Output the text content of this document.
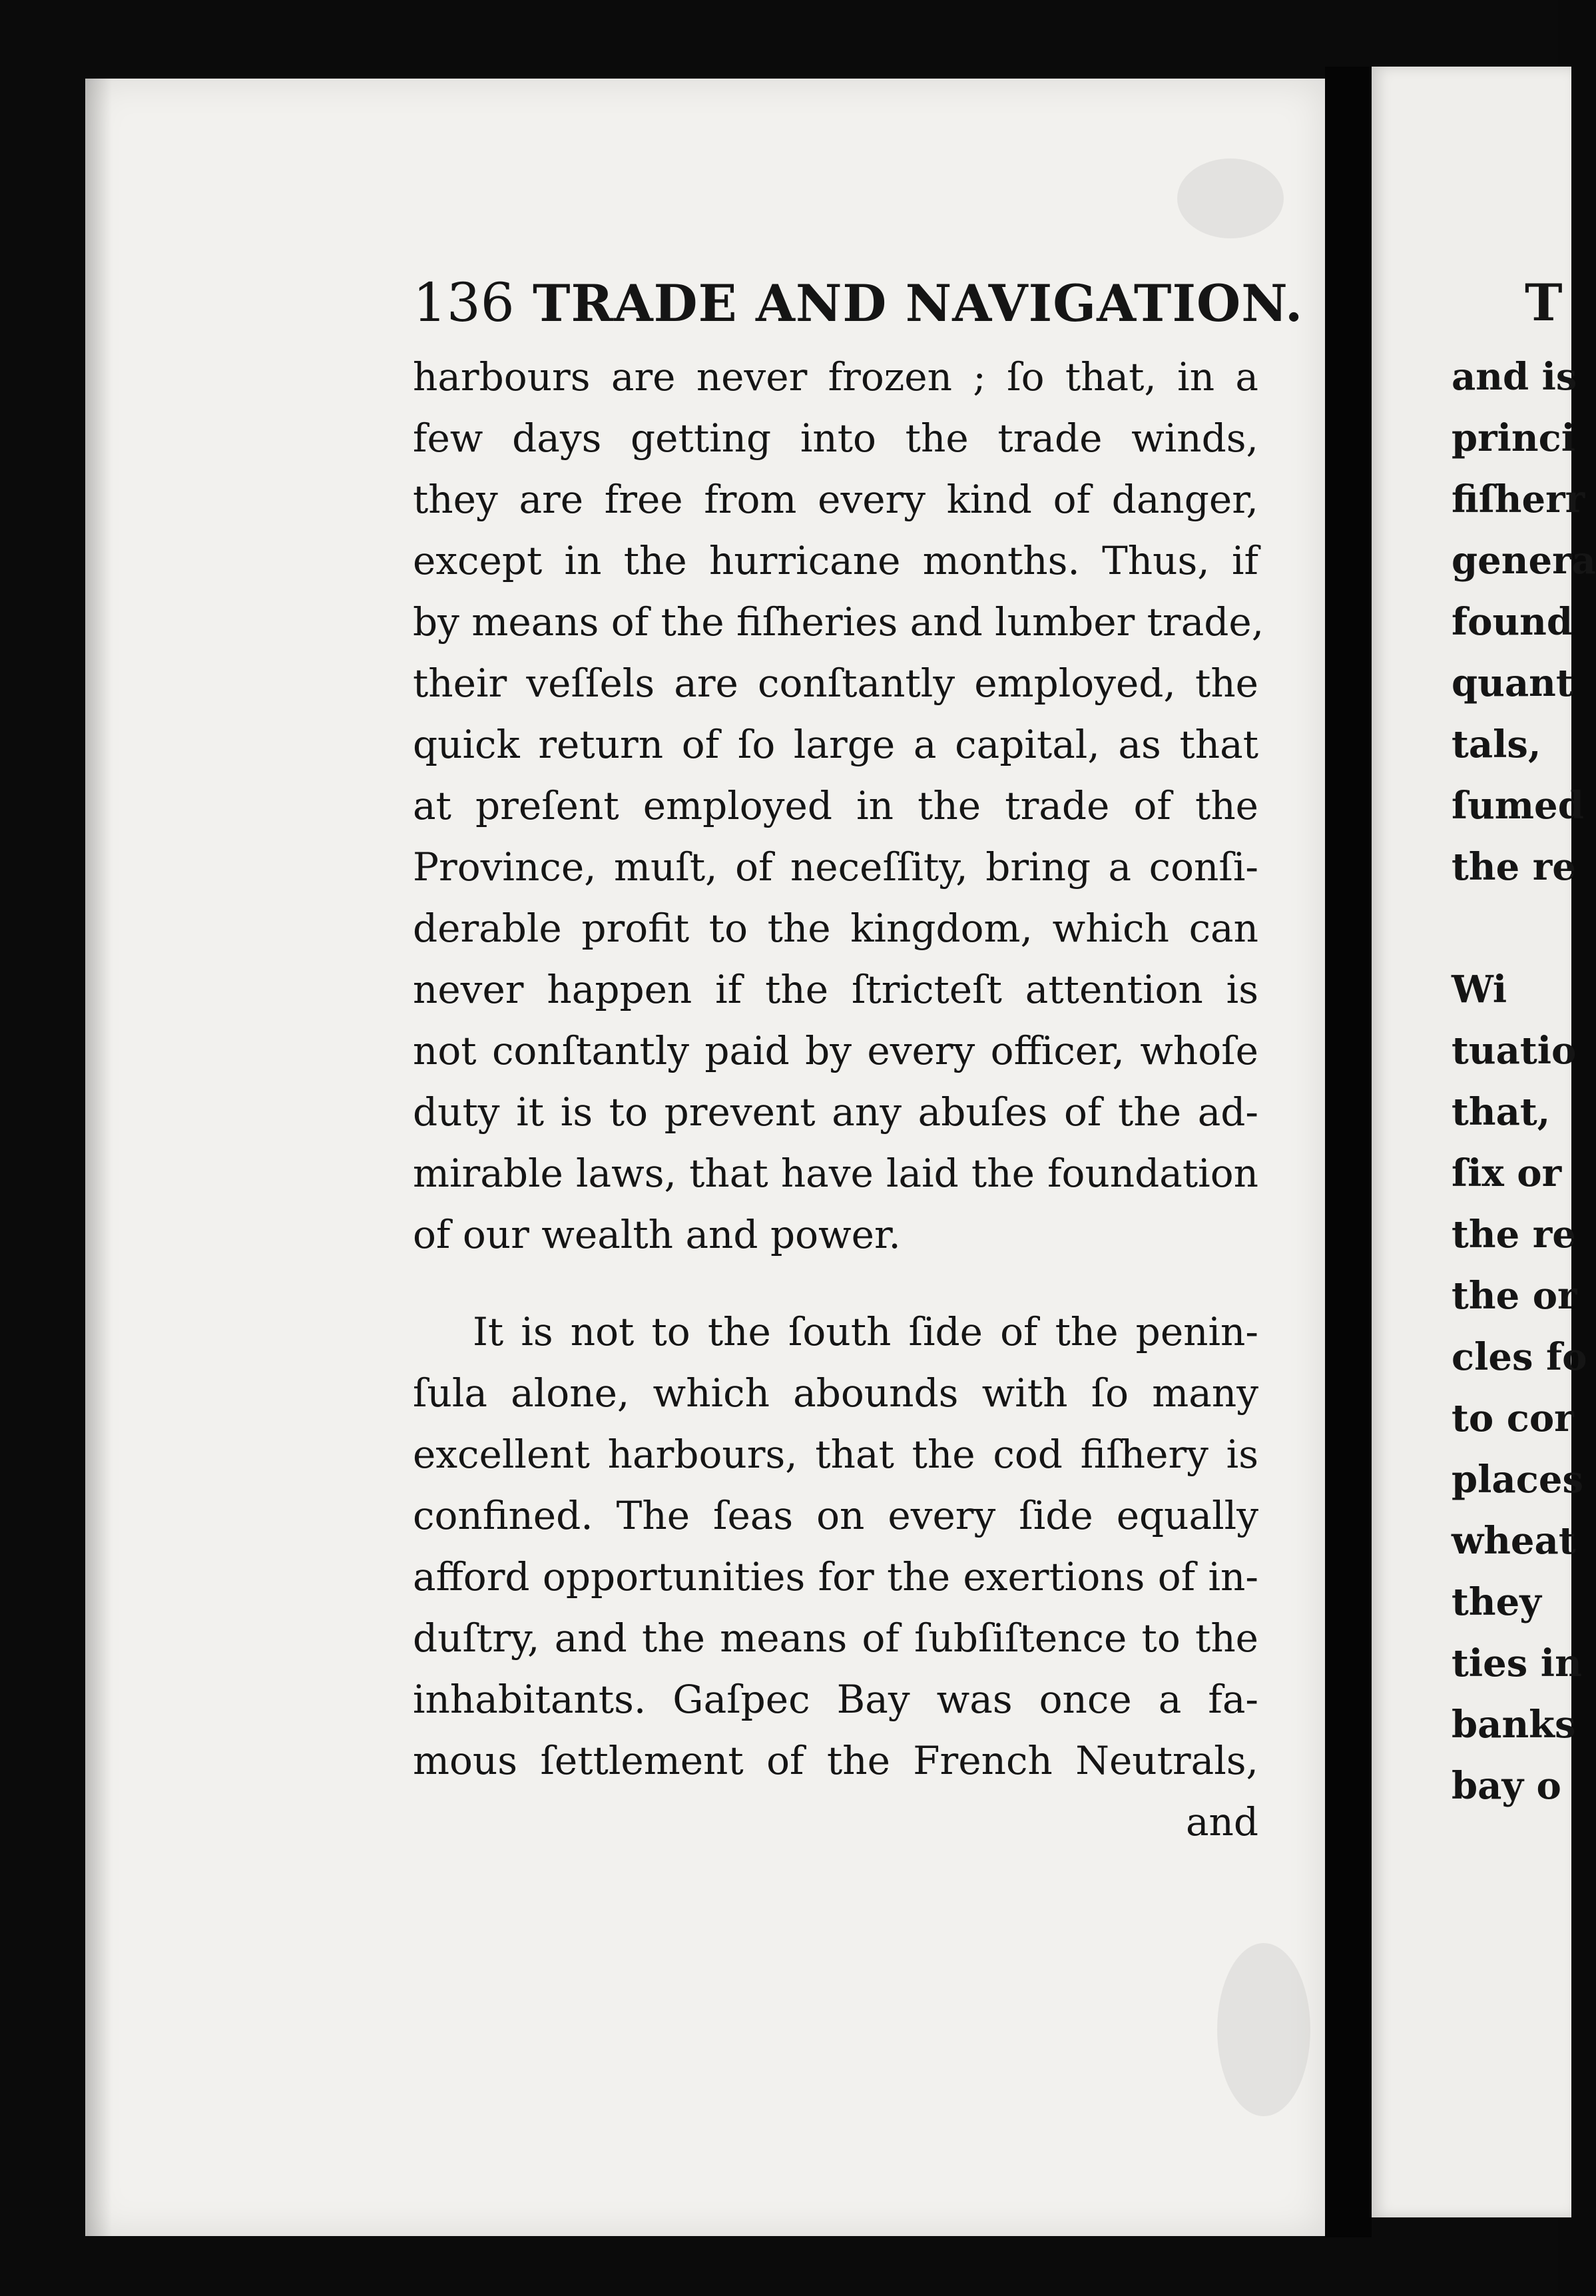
136 TRADE AND NAVIGATION.
harbours are never frozen ; ſo that, in a
few days getting into the trade winds,
they are free from every kind of danger,
except in the hurricane months. Thus, if
by means of the fiſheries and lumber trade,
their veſſels are conſtantly employed, the
quick return of ſo large a capital, as that
at preſent employed in the trade of the
Province, muſt, of neceſſity, bring a conſi-
derable profit to the kingdom, which can
never happen if the ſtricteſt attention is
not conſtantly paid by every officer, whoſe
duty it is to prevent any abuſes of the ad-
mirable laws, that have laid the foundation
of our wealth and power.
It is not to the ſouth ſide of the penin-
ſula alone, which abounds with ſo many
excellent harbours, that the cod fiſhery is
confined. The ſeas on every ſide equally
afford opportunities for the exertions of in-
duſtry, and the means of ſubſiſtence to the
inhabitants. Gaſpec Bay was once a fa-
mous ſettlement of the French Neutrals,
and
T
and is
princi
fiſherr
genera
found
quant
tals,
ſumed
the re
Wi
tuatio
that,
ſix or
the re
the or
cles fo
to cor
places
wheat
they
ties in
banks
bay o
